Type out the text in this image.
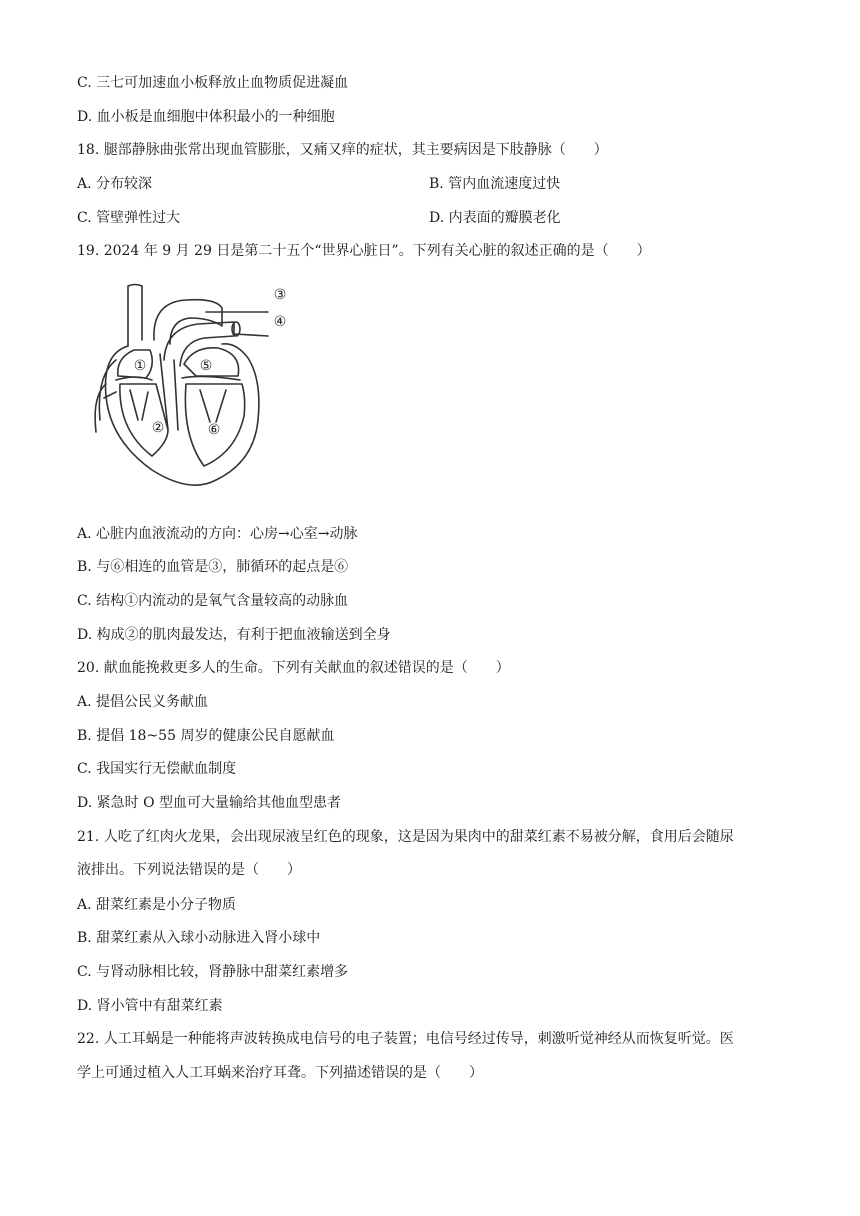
C. 三七可加速血小板释放止血物质促进凝血
D. 血小板是血细胞中体积最小的一种细胞
18. 腿部静脉曲张常出现血管膨胀，又痛又痒的症状，其主要病因是下肢静脉（　　）
A. 分布较深	B. 管内血流速度过快
C. 管壁弹性过大	D. 内表面的瓣膜老化
19. 2024 年 9 月 29 日是第二十五个“世界心脏日”。下列有关心脏的叙述正确的是（　　）
①	⑤
②	⑥
③
④
A. 心脏内血液流动的方向：心房→心室→动脉
B. 与⑥相连的血管是③，肺循环的起点是⑥
C. 结构①内流动的是氧气含量较高的动脉血
D. 构成②的肌肉最发达，有利于把血液输送到全身
20. 献血能挽救更多人的生命。下列有关献血的叙述错误的是（　　）
A. 提倡公民义务献血
B. 提倡 18~55 周岁的健康公民自愿献血
C. 我国实行无偿献血制度
D. 紧急时 O 型血可大量输给其他血型患者
21. 人吃了红肉火龙果，会出现尿液呈红色的现象，这是因为果肉中的甜菜红素不易被分解，食用后会随尿
液排出。下列说法错误的是（　　）
A. 甜菜红素是小分子物质
B. 甜菜红素从入球小动脉进入肾小球中
C. 与肾动脉相比较，肾静脉中甜菜红素增多
D. 肾小管中有甜菜红素
22. 人工耳蜗是一种能将声波转换成电信号的电子装置；电信号经过传导，刺激听觉神经从而恢复听觉。医
学上可通过植入人工耳蜗来治疗耳聋。下列描述错误的是（　　）
